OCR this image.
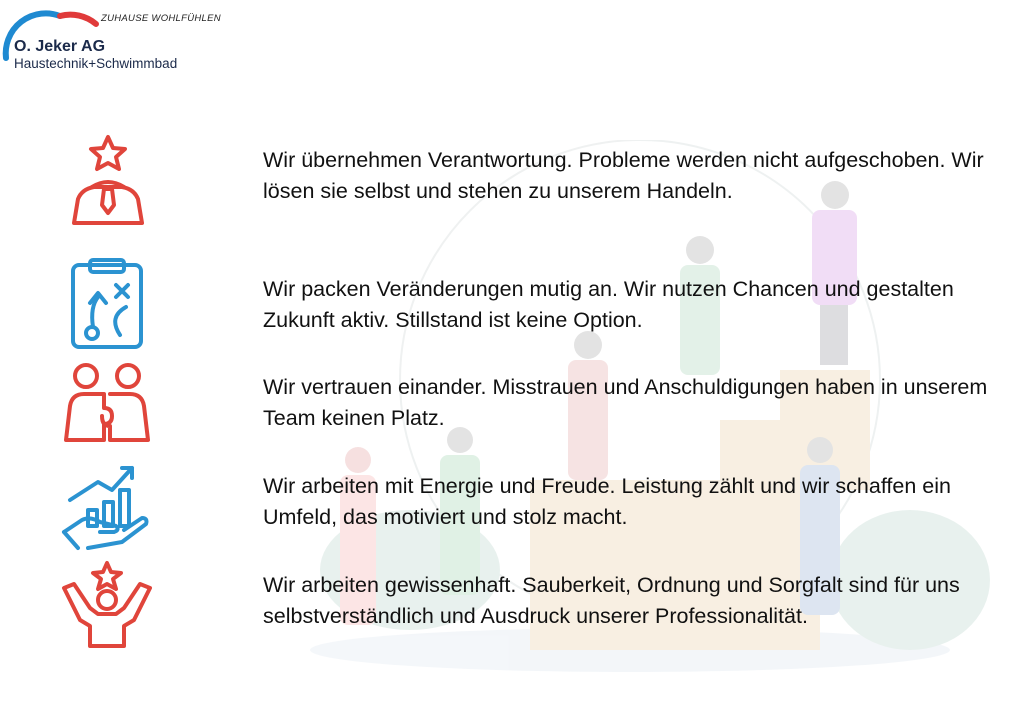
ZUHAUSE WOHLFÜHLEN
O. Jeker AG
Haustechnik+Schwimmbad
Wir übernehmen Verantwortung. Probleme werden nicht aufgeschoben. Wir lösen sie selbst und stehen zu unserem Handeln.
Wir packen Veränderungen mutig an. Wir nutzen Chancen und gestalten Zukunft aktiv. Stillstand ist keine Option.
Wir vertrauen einander. Misstrauen und Anschuldigungen haben in unserem Team keinen Platz.
Wir arbeiten mit Energie und Freude. Leistung zählt und wir schaffen ein Umfeld, das motiviert und stolz macht.
Wir arbeiten gewissenhaft. Sauberkeit, Ordnung und Sorgfalt sind für uns selbstverständlich und Ausdruck unserer Professionalität.
